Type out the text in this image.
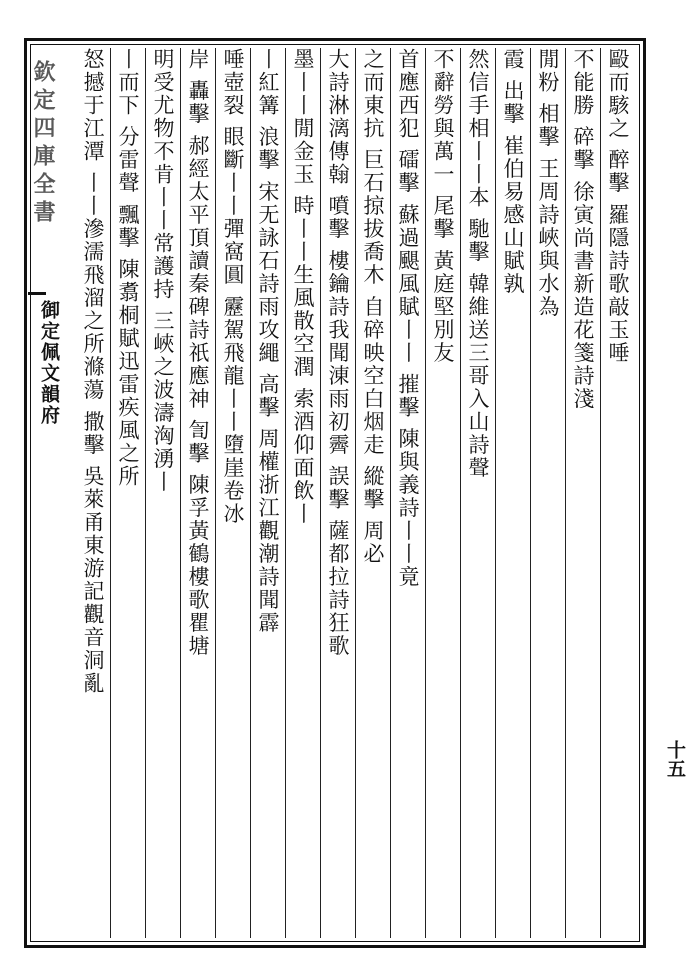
欽定四庫全書
御定佩文韻府
十五
毆而駭之 醉擊 羅隱詩歌敲玉唾
不能勝 碎擊 徐寅尚書新造花箋詩淺
閒粉 相擊 王周詩峽與水為
霞 出擊 崔伯易感山賦孰
然信手相丨丨本 馳擊 韓維送三哥入山詩聲
不辭勞與萬一 尾擊 黃庭堅別友
首應西犯 礌擊 蘇過颶風賦丨丨 摧擊 陳與義詩丨丨竟
之而東抗 巨石掠拔喬木 自碎映空白烟走 縱擊 周必
大詩淋漓傳翰 噴擊 樓鑰詩我聞涷雨初霽 誤擊 薩都拉詩狂歌
墨丨丨閒金玉 時丨丨生風散空潤 索酒仰面飲丨
丨紅篝 浪擊 宋无詠石詩雨攻繩 高擊 周權浙江觀潮詩聞霹
唾壺裂 眼斷丨丨彈窩圓 靂駕飛龍丨丨墮崖卷冰
岸 轟擊 郝經太平頂讀秦碑詩祇應神 訇擊 陳孚黃鶴樓歌瞿塘
明受尤物不肯丨丨常護持 三峽之波濤洶湧丨
丨而下 分雷聲 飄擊 陳翥桐賦迅雷疾風之所
怒撼于江潭 丨丨滲濡飛溜之所滌蕩 撒擊 吳萊甬東游記觀音洞亂
